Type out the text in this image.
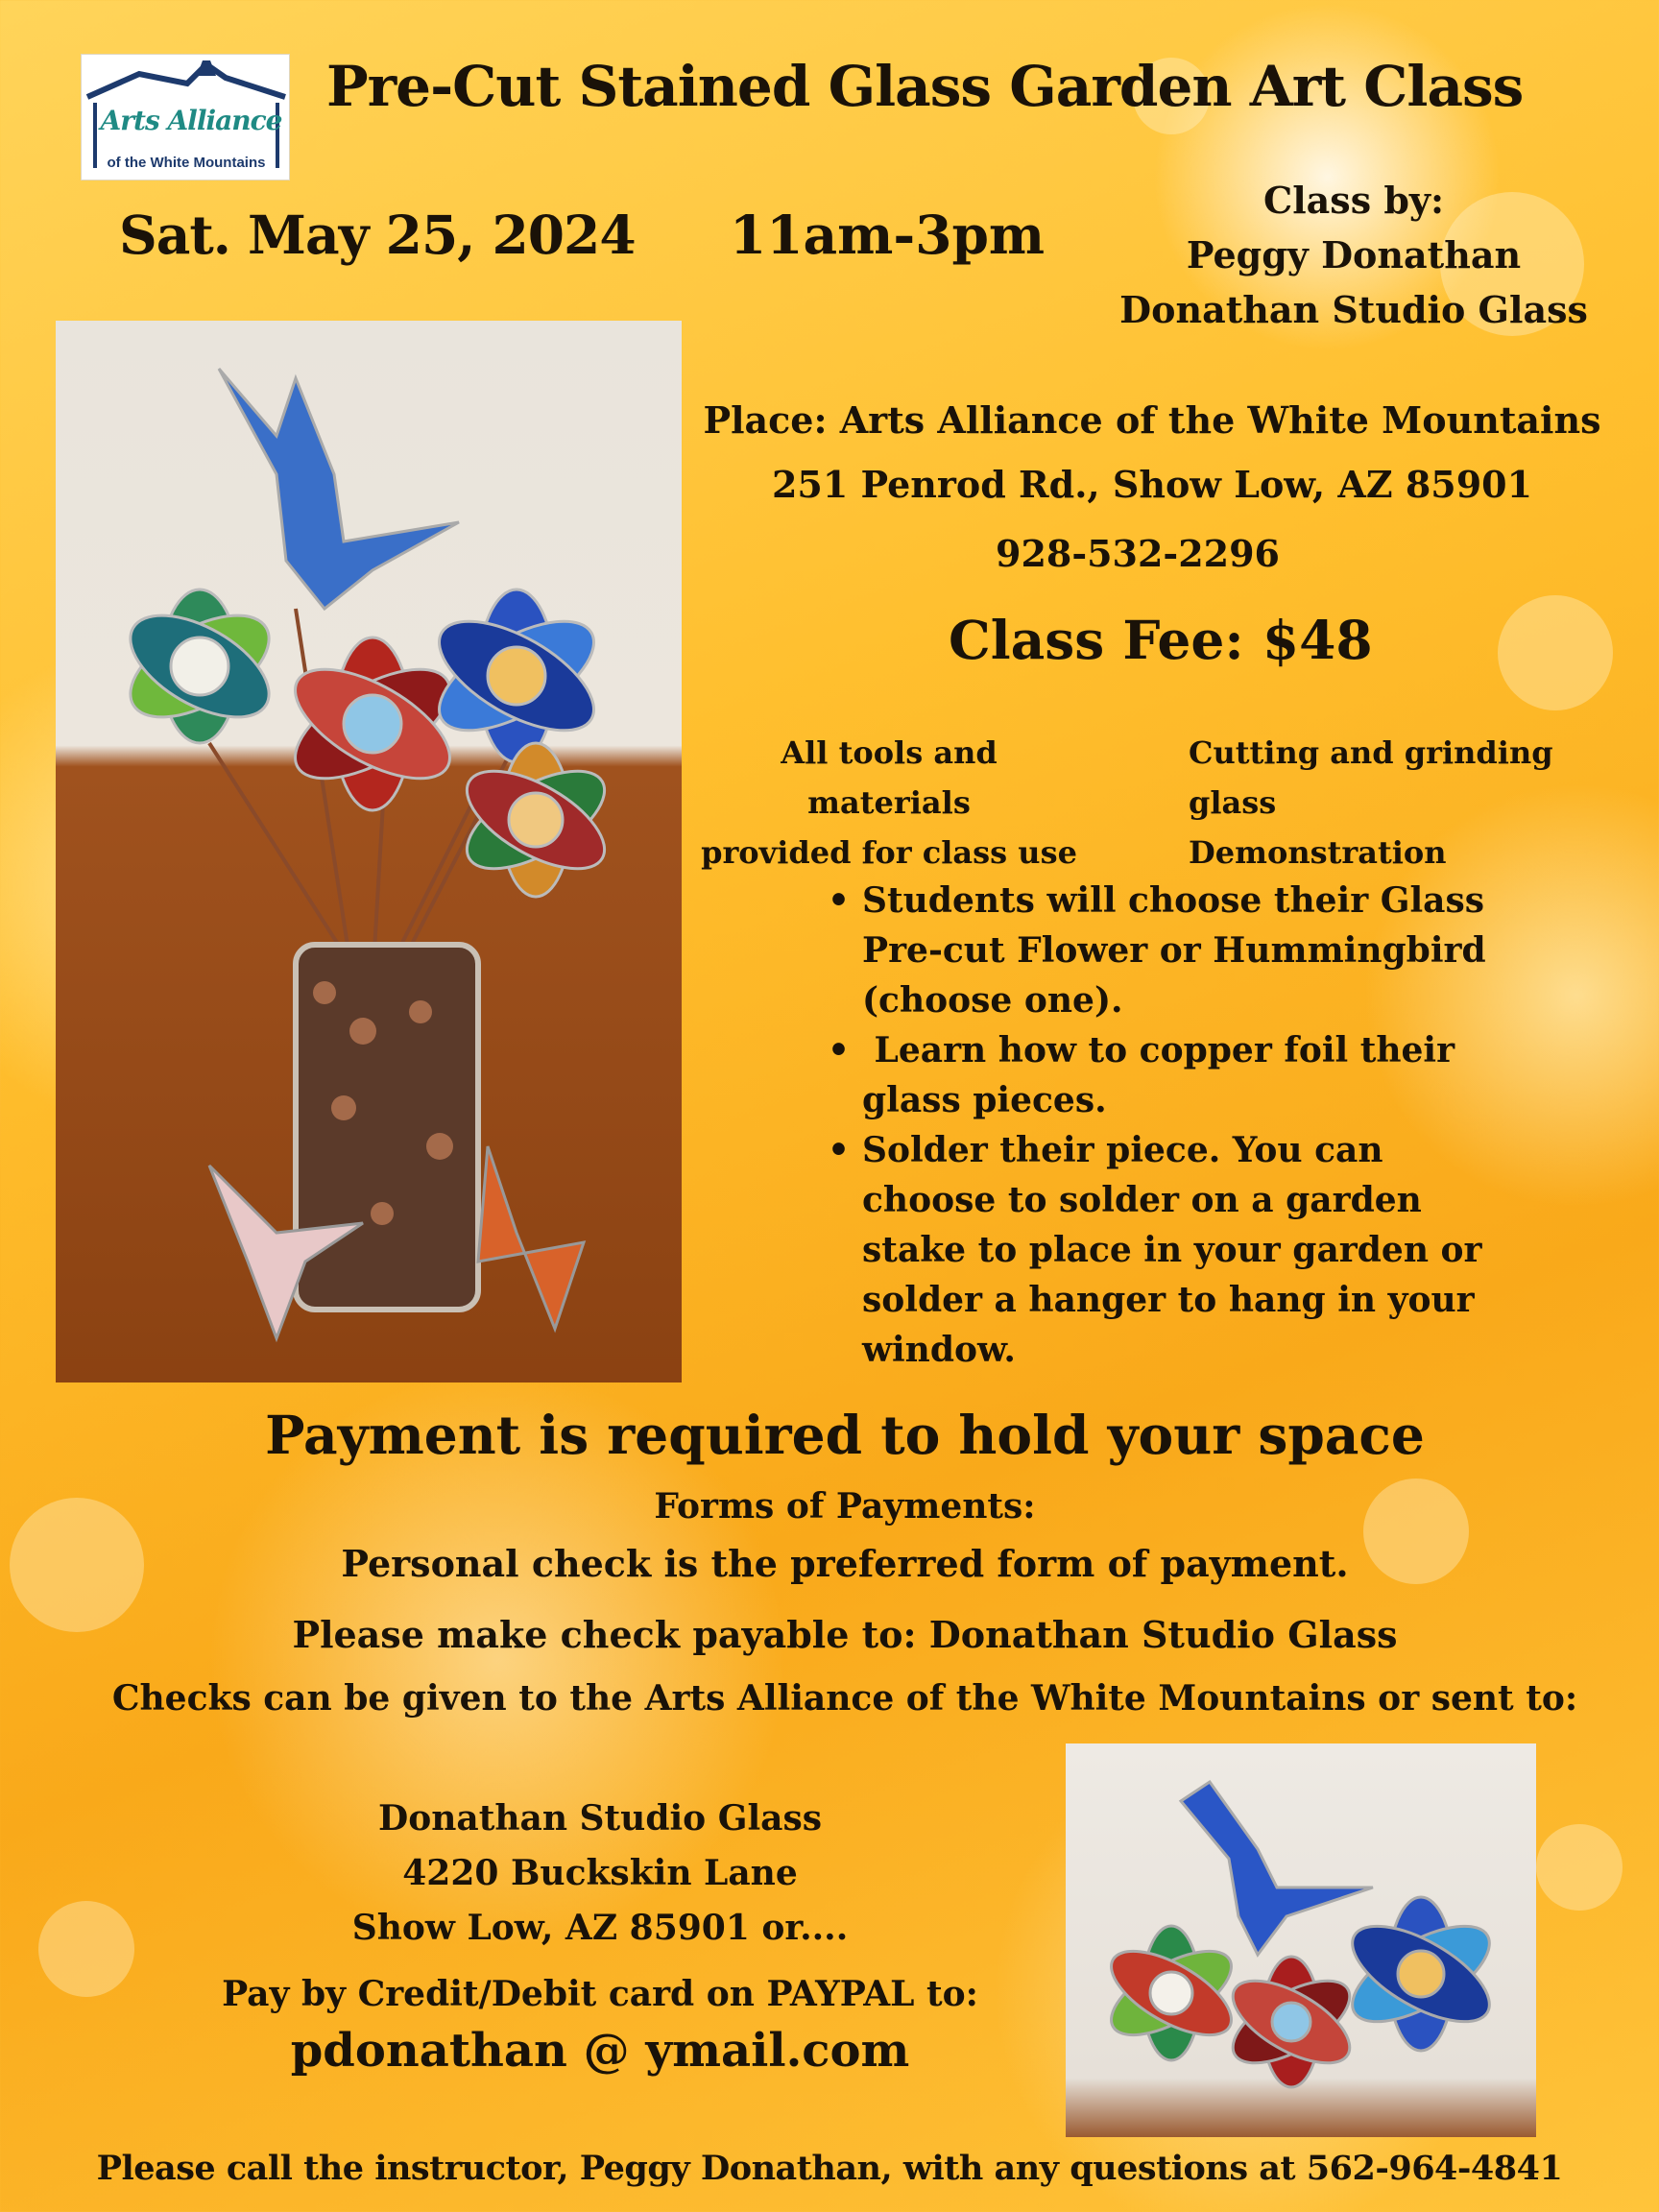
Arts Alliance
of the White Mountains
Pre-Cut Stained Glass Garden Art Class
Sat. May 25, 2024 11am-3pm
Class by:
Peggy Donathan
Donathan Studio Glass
Place: Arts Alliance of the White Mountains
251 Penrod Rd., Show Low, AZ 85901
928-532-2296
Class Fee: $48
All tools and materials
provided for class use
Cutting and grinding glass
Demonstration
• Students will choose their Glass Pre-cut Flower or Hummingbird (choose one).
•  Learn how to copper foil their glass pieces.
• Solder their piece. You can choose to solder on a garden stake to place in your garden or solder a hanger to hang in your window.
Payment is required to hold your space
Forms of Payments:
Personal check is the preferred form of payment.
Please make check payable to: Donathan Studio Glass
Checks can be given to the Arts Alliance of the White Mountains or sent to:
Donathan Studio Glass
4220 Buckskin Lane
Show Low, AZ 85901 or....
Pay by Credit/Debit card on PAYPAL to:
pdonathan @ ymail.com
Please call the instructor, Peggy Donathan, with any questions at 562-964-4841
